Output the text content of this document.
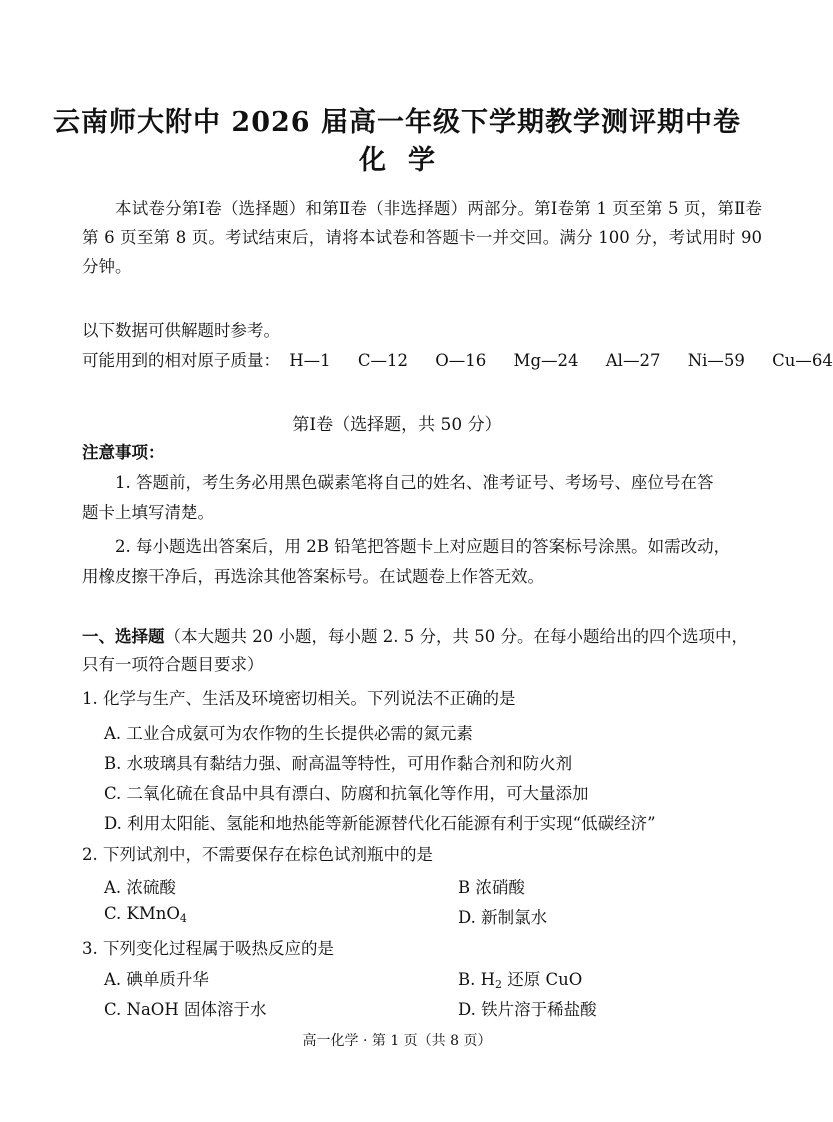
云南师大附中 2026 届高一年级下学期教学测评期中卷
化学
本试卷分第Ⅰ卷（选择题）和第Ⅱ卷（非选择题）两部分。第Ⅰ卷第 1 页至第 5 页，第Ⅱ卷第 6 页至第 8 页。考试结束后，请将本试卷和答题卡一并交回。满分 100 分，考试用时 90 分钟。
以下数据可供解题时参考。
可能用到的相对原子质量： H—1 C—12 O—16 Mg—24 Al—27 Ni—59 Cu—64
第Ⅰ卷（选择题，共 50 分）
注意事项：
1. 答题前，考生务必用黑色碳素笔将自己的姓名、准考证号、考场号、座位号在答
题卡上填写清楚。
2. 每小题选出答案后，用 2B 铅笔把答题卡上对应题目的答案标号涂黑。如需改动，
用橡皮擦干净后，再选涂其他答案标号。在试题卷上作答无效。
一、选择题（本大题共 20 小题，每小题 2. 5 分，共 50 分。在每小题给出的四个选项中，
只有一项符合题目要求）
1. 化学与生产、生活及环境密切相关。下列说法不正确的是
A. 工业合成氨可为农作物的生长提供必需的氮元素
B. 水玻璃具有黏结力强、耐高温等特性，可用作黏合剂和防火剂
C. 二氧化硫在食品中具有漂白、防腐和抗氧化等作用，可大量添加
D. 利用太阳能、氢能和地热能等新能源替代化石能源有利于实现“低碳经济”
2. 下列试剂中，不需要保存在棕色试剂瓶中的是
A. 浓硫酸	B 浓硝酸
C. KMnO$_4$	D. 新制氯水
3. 下列变化过程属于吸热反应的是
A. 碘单质升华	B. $H_2$ 还原 CuO
C. NaOH 固体溶于水	D. 铁片溶于稀盐酸
高一化学 · 第 1 页（共 8 页）
